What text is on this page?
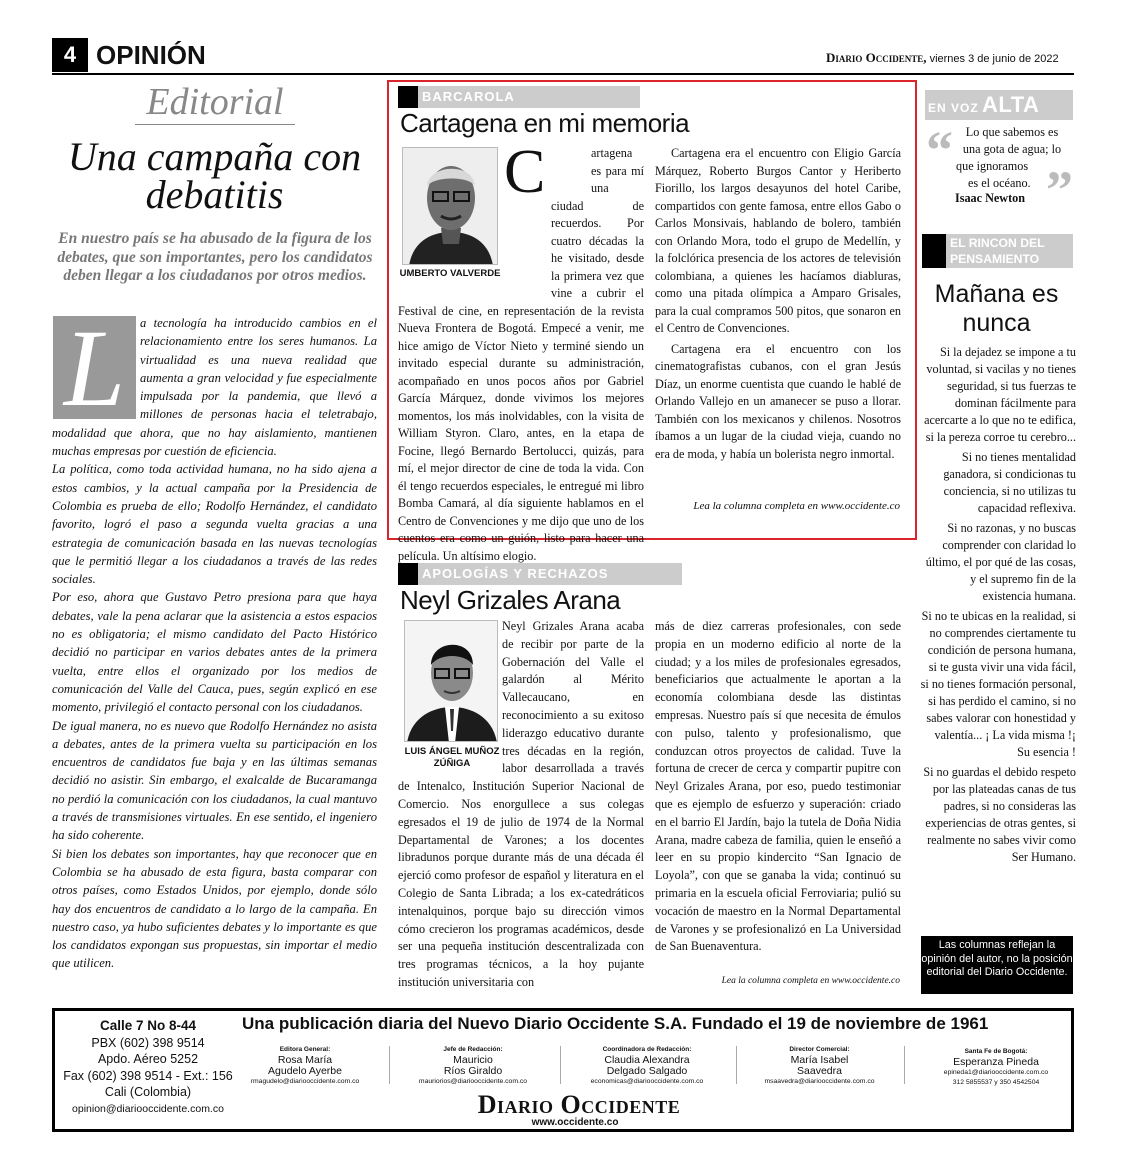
4 OPINIÓN	Diario Occidente, viernes 3 de junio de 2022
Editorial
Una campaña con debatitis
En nuestro país se ha abusado de la figura de los debates, que son importantes, pero los candidatos deben llegar a los ciudadanos por otros medios.
L	a tecnología ha introducido cambios en el relacionamiento entre los seres humanos. La virtualidad es una nueva realidad que aumenta a gran velocidad y fue especialmente impulsada por la pandemia, que llevó a millones de personas hacia el teletrabajo, modalidad que ahora, que no hay aislamiento, mantienen muchas empresas por cuestión de eficiencia.

La política, como toda actividad humana, no ha sido ajena a estos cambios, y la actual campaña por la Presidencia de Colombia es prueba de ello; Rodolfo Hernández, el candidato favorito, logró el paso a segunda vuelta gracias a una estrategia de comunicación basada en las nuevas tecnologías que le permitió llegar a los ciudadanos a través de las redes sociales.

Por eso, ahora que Gustavo Petro presiona para que haya debates, vale la pena aclarar que la asistencia a estos espacios no es obligatoria; el mismo candidato del Pacto Histórico decidió no participar en varios debates antes de la primera vuelta, entre ellos el organizado por los medios de comunicación del Valle del Cauca, pues, según explicó en ese momento, privilegió el contacto personal con los ciudadanos.

De igual manera, no es nuevo que Rodolfo Hernández no asista a debates, antes de la primera vuelta su participación en los encuentros de candidatos fue baja y en las últimas semanas decidió no asistir. Sin embargo, el exalcalde de Bucaramanga no perdió la comunicación con los ciudadanos, la cual mantuvo a través de transmisiones virtuales. En ese sentido, el ingeniero ha sido coherente.

Si bien los debates son importantes, hay que reconocer que en Colombia se ha abusado de esta figura, basta comparar con otros países, como Estados Unidos, por ejemplo, donde sólo hay dos encuentros de candidato a lo largo de la campaña. En nuestro caso, ya hubo suficientes debates y lo importante es que los candidatos expongan sus propuestas, sin importar el medio que utilicen.

BARCAROLA
Cartagena en mi memoria
UMBERTO VALVERDE
C	artagena es para mí una ciudad de recuerdos. Por cuatro décadas la he visitado, desde la primera vez que vine a cubrir el Festival de cine, en representación de la revista Nueva Frontera de Bogotá. Empecé a venir, me hice amigo de Víctor Nieto y terminé siendo un invitado especial durante su administración, acompañado en unos pocos años por Gabriel García Márquez, donde vivimos los mejores momentos, los más inolvidables, con la visita de William Styron. Claro, antes, en la etapa de Focine, llegó Bernardo Bertolucci, quizás, para mí, el mejor director de cine de toda la vida. Con él tengo recuerdos especiales, le entregué mi libro Bomba Camará, al día siguiente hablamos en el Centro de Convenciones y me dijo que uno de los cuentos era como un guión, listo para hacer una película. Un altísimo elogio.

Cartagena era el encuentro con Eligio García Márquez, Roberto Burgos Cantor y Heriberto Fiorillo, los largos desayunos del hotel Caribe, compartidos con gente famosa, entre ellos Gabo o Carlos Monsivais, hablando de bolero, también con Orlando Mora, todo el grupo de Medellín, y la folclórica presencia de los actores de televisión colombiana, a quienes les hacíamos diabluras, como una pitada olímpica a Amparo Grisales, para la cual compramos 500 pitos, que sonaron en el Centro de Convenciones.

Cartagena era el encuentro con los cinematografistas cubanos, con el gran Jesús Díaz, un enorme cuentista que cuando le hablé de Orlando Vallejo en un amanecer se puso a llorar. También con los mexicanos y chilenos. Nosotros íbamos a un lugar de la ciudad vieja, cuando no era de moda, y había un bolerista negro inmortal.

Lea la columna completa en www.occidente.co
APOLOGÍAS Y RECHAZOS
Neyl Grizales Arana
LUIS ÁNGEL MUÑOZ ZÚÑIGA
Neyl Grizales Arana acaba de recibir por parte de la Gobernación del Valle el galardón al Mérito Vallecaucano, en reconocimiento a su exitoso liderazgo educativo durante tres décadas en la región, labor desarrollada a través de Intenalco, Institución Superior Nacional de Comercio. Nos enorgullece a sus colegas egresados el 19 de julio de 1974 de la Normal Departamental de Varones; a los docentes libradunos porque durante más de una década él ejerció como profesor de español y literatura en el Colegio de Santa Librada; a los ex-catedráticos intenalquinos, porque bajo su dirección vimos cómo crecieron los programas académicos, desde ser una pequeña institución descentralizada con tres programas técnicos, a la hoy pujante institución universitaria con
más de diez carreras profesionales, con sede propia en un moderno edificio al norte de la ciudad; y a los miles de profesionales egresados, beneficiarios que actualmente le aportan a la economía colombiana desde las distintas empresas. Nuestro país sí que necesita de émulos con pulso, talento y profesionalismo, que conduzcan otros proyectos de calidad. Tuve la fortuna de crecer de cerca y compartir pupitre con Neyl Grizales Arana, por eso, puedo testimoniar que es ejemplo de esfuerzo y superación: criado en el barrio El Jardín, bajo la tutela de Doña Nidia Arana, madre cabeza de familia, quien le enseñó a leer en su propio kindercito “San Ignacio de Loyola”, con que se ganaba la vida; continuó su primaria en la escuela oficial Ferroviaria; pulió su vocación de maestro en la Normal Departamental de Varones y se profesionalizó en La Universidad de San Buenaventura.
Lea la columna completa en www.occidente.co
EN VOZ ALTA
“
”
Lo que sabemos es
una gota de agua; lo
que ignoramos
es el océano.
Isaac Newton
EL RINCON DEL PENSAMIENTO
Mañana es nunca

Si la dejadez se impone a tu voluntad, si vacilas y no tienes seguridad, si tus fuerzas te dominan fácilmente para acercarte a lo que no te edifica, si la pereza corroe tu cerebro...

Si no tienes mentalidad ganadora, si condicionas tu conciencia, si no utilizas tu capacidad reflexiva.

Si no razonas, y no buscas comprender con claridad lo último, el por qué de las cosas, y el supremo fin de la existencia humana.

Si no te ubicas en la realidad, si no comprendes ciertamente tu condición de persona humana, si te gusta vivir una vida fácil, si no tienes formación personal, si has perdido el camino, si no sabes valorar con honestidad y valentía... ¡ La vida misma !¡ Su esencia !

Si no guardas el debido respeto por las plateadas canas de tus padres, si no consideras las experiencias de otras gentes, si realmente no sabes vivir como Ser Humano.

Las columnas reflejan la opinión del autor, no la posición editorial del Diario Occidente.
Calle 7 No 8-44
PBX (602) 398 9514
Apdo. Aéreo 5252
Fax (602) 398 9514 - Ext.: 156
Cali (Colombia)
opinion@diariooccidente.com.co
Una publicación diaria del Nuevo Diario Occidente S.A. Fundado el 19 de noviembre de 1961
Editora General:
Rosa María
Agudelo Ayerbe
rmagudelo@diariooccidente.com.co
Jefe de Redacción:
Mauricio
Ríos Giraldo
mauriorios@diariooccidente.com.co
Coordinadora de Redacción:
Claudia Alexandra
Delgado Salgado
economicas@diariooccidente.com.co
Director Comercial:
María Isabel
Saavedra
msaavedra@diariooccidente.com.co
Santa Fe de Bogotá:
Esperanza Pineda
epineda1@diariooccidente.com.co
312 5855537 y 350 4542504
Diario Occidente
www.occidente.co
